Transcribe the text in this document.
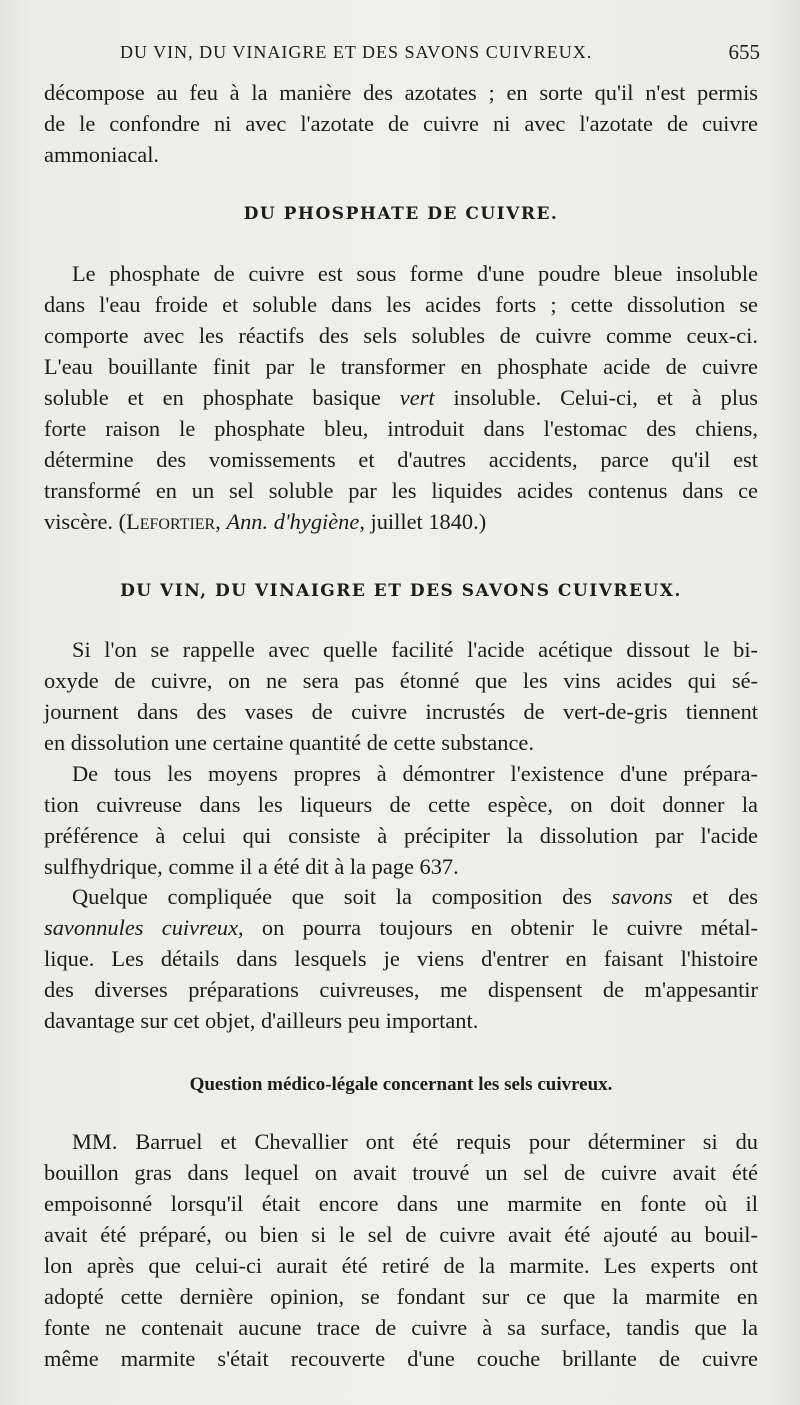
DU VIN, DU VINAIGRE ET DES SAVONS CUIVREUX.	655

décompose au feu à la manière des azotates ; en sorte qu'il n'est permis
de le confondre ni avec l'azotate de cuivre ni avec l'azotate de cuivre
ammoniacal.

DU PHOSPHATE DE CUIVRE.

Le phosphate de cuivre est sous forme d'une poudre bleue insoluble
dans l'eau froide et soluble dans les acides forts ; cette dissolution se
comporte avec les réactifs des sels solubles de cuivre comme ceux-ci.
L'eau bouillante finit par le transformer en phosphate acide de cuivre
soluble et en phosphate basique vert insoluble. Celui-ci, et à plus
forte raison le phosphate bleu, introduit dans l'estomac des chiens,
détermine des vomissements et d'autres accidents, parce qu'il est
transformé en un sel soluble par les liquides acides contenus dans ce
viscère. (Lefortier, Ann. d'hygiène, juillet 1840.)

DU VIN, DU VINAIGRE ET DES SAVONS CUIVREUX.

Si l'on se rappelle avec quelle facilité l'acide acétique dissout le bi-
oxyde de cuivre, on ne sera pas étonné que les vins acides qui sé-
journent dans des vases de cuivre incrustés de vert-de-gris tiennent
en dissolution une certaine quantité de cette substance.

De tous les moyens propres à démontrer l'existence d'une prépara-
tion cuivreuse dans les liqueurs de cette espèce, on doit donner la
préférence à celui qui consiste à précipiter la dissolution par l'acide
sulfhydrique, comme il a été dit à la page 637.

Quelque compliquée que soit la composition des savons et des
savonnules cuivreux, on pourra toujours en obtenir le cuivre métal-
lique. Les détails dans lesquels je viens d'entrer en faisant l'histoire
des diverses préparations cuivreuses, me dispensent de m'appesantir
davantage sur cet objet, d'ailleurs peu important.

Question médico-légale concernant les sels cuivreux.

MM. Barruel et Chevallier ont été requis pour déterminer si du
bouillon gras dans lequel on avait trouvé un sel de cuivre avait été
empoisonné lorsqu'il était encore dans une marmite en fonte où il
avait été préparé, ou bien si le sel de cuivre avait été ajouté au bouil-
lon après que celui-ci aurait été retiré de la marmite. Les experts ont
adopté cette dernière opinion, se fondant sur ce que la marmite en
fonte ne contenait aucune trace de cuivre à sa surface, tandis que la
même marmite s'était recouverte d'une couche brillante de cuivre
